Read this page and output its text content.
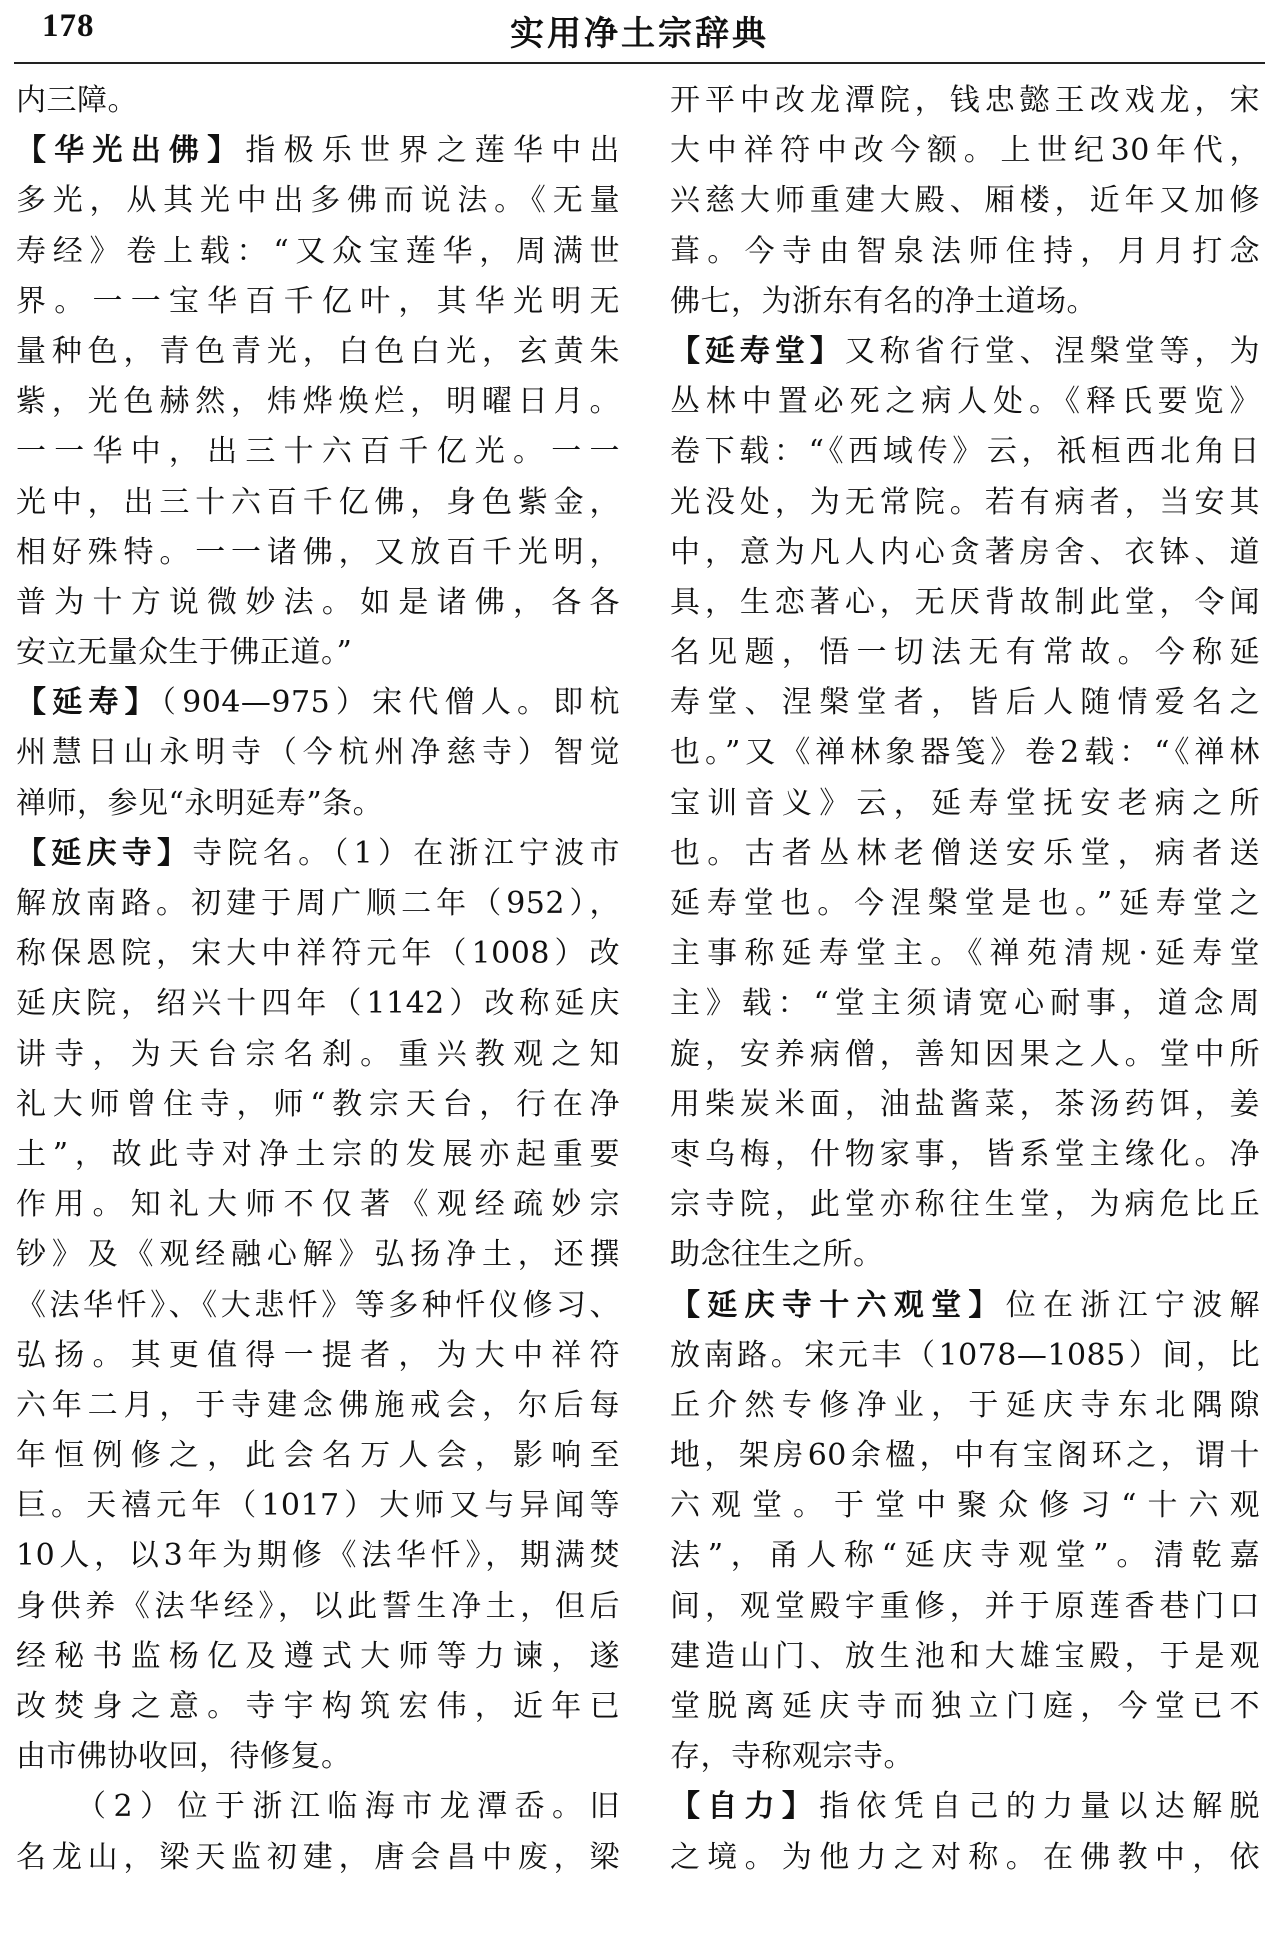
178	实用净土宗辞典
内三障。
【华光出佛】指极乐世界之莲华中出
多光，从其光中出多佛而说法。《无量
寿经》卷上载：“又众宝莲华，周满世
界。一一宝华百千亿叶，其华光明无
量种色，青色青光，白色白光，玄黄朱
紫，光色赫然，炜烨焕烂，明曜日月。
一一华中，出三十六百千亿光。一一
光中，出三十六百千亿佛，身色紫金，
相好殊特。一一诸佛，又放百千光明，
普为十方说微妙法。如是诸佛，各各
安立无量众生于佛正道。”
【延寿】（904—975）宋代僧人。即杭
州慧日山永明寺（今杭州净慈寺）智觉
禅师，参见“永明延寿”条。
【延庆寺】寺院名。（1）在浙江宁波市
解放南路。初建于周广顺二年（952），
称保恩院，宋大中祥符元年（1008）改
延庆院，绍兴十四年（1142）改称延庆
讲寺，为天台宗名刹。重兴教观之知
礼大师曾住寺，师“教宗天台，行在净
土”，故此寺对净土宗的发展亦起重要
作用。知礼大师不仅著《观经疏妙宗
钞》及《观经融心解》弘扬净土，还撰
《法华忏》、《大悲忏》等多种忏仪修习、
弘扬。其更值得一提者，为大中祥符
六年二月，于寺建念佛施戒会，尔后每
年恒例修之，此会名万人会，影响至
巨。天禧元年（1017）大师又与异闻等
10人，以3年为期修《法华忏》，期满焚
身供养《法华经》，以此誓生净土，但后
经秘书监杨亿及遵式大师等力谏，遂
改焚身之意。寺宇构筑宏伟，近年已
由市佛协收回，待修复。
（2）位于浙江临海市龙潭岙。旧
名龙山，梁天监初建，唐会昌中废，梁
开平中改龙潭院，钱忠懿王改戏龙，宋
大中祥符中改今额。上世纪30年代，
兴慈大师重建大殿、厢楼，近年又加修
葺。今寺由智泉法师住持，月月打念
佛七，为浙东有名的净土道场。
【延寿堂】又称省行堂、涅槃堂等，为
丛林中置必死之病人处。《释氏要览》
卷下载：“《西域传》云，祇桓西北角日
光没处，为无常院。若有病者，当安其
中，意为凡人内心贪著房舍、衣钵、道
具，生恋著心，无厌背故制此堂，令闻
名见题，悟一切法无有常故。今称延
寿堂、涅槃堂者，皆后人随情爱名之
也。”又《禅林象器笺》卷2载：“《禅林
宝训音义》云，延寿堂抚安老病之所
也。古者丛林老僧送安乐堂，病者送
延寿堂也。今涅槃堂是也。”延寿堂之
主事称延寿堂主。《禅苑清规·延寿堂
主》载：“堂主须请宽心耐事，道念周
旋，安养病僧，善知因果之人。堂中所
用柴炭米面，油盐酱菜，茶汤药饵，姜
枣乌梅，什物家事，皆系堂主缘化。净
宗寺院，此堂亦称往生堂，为病危比丘
助念往生之所。
【延庆寺十六观堂】位在浙江宁波解
放南路。宋元丰（1078—1085）间，比
丘介然专修净业，于延庆寺东北隅隙
地，架房60余楹，中有宝阁环之，谓十
六观堂。于堂中聚众修习“十六观
法”，甬人称“延庆寺观堂”。清乾嘉
间，观堂殿宇重修，并于原莲香巷门口
建造山门、放生池和大雄宝殿，于是观
堂脱离延庆寺而独立门庭，今堂已不
存，寺称观宗寺。
【自力】指依凭自己的力量以达解脱
之境。为他力之对称。在佛教中，依
